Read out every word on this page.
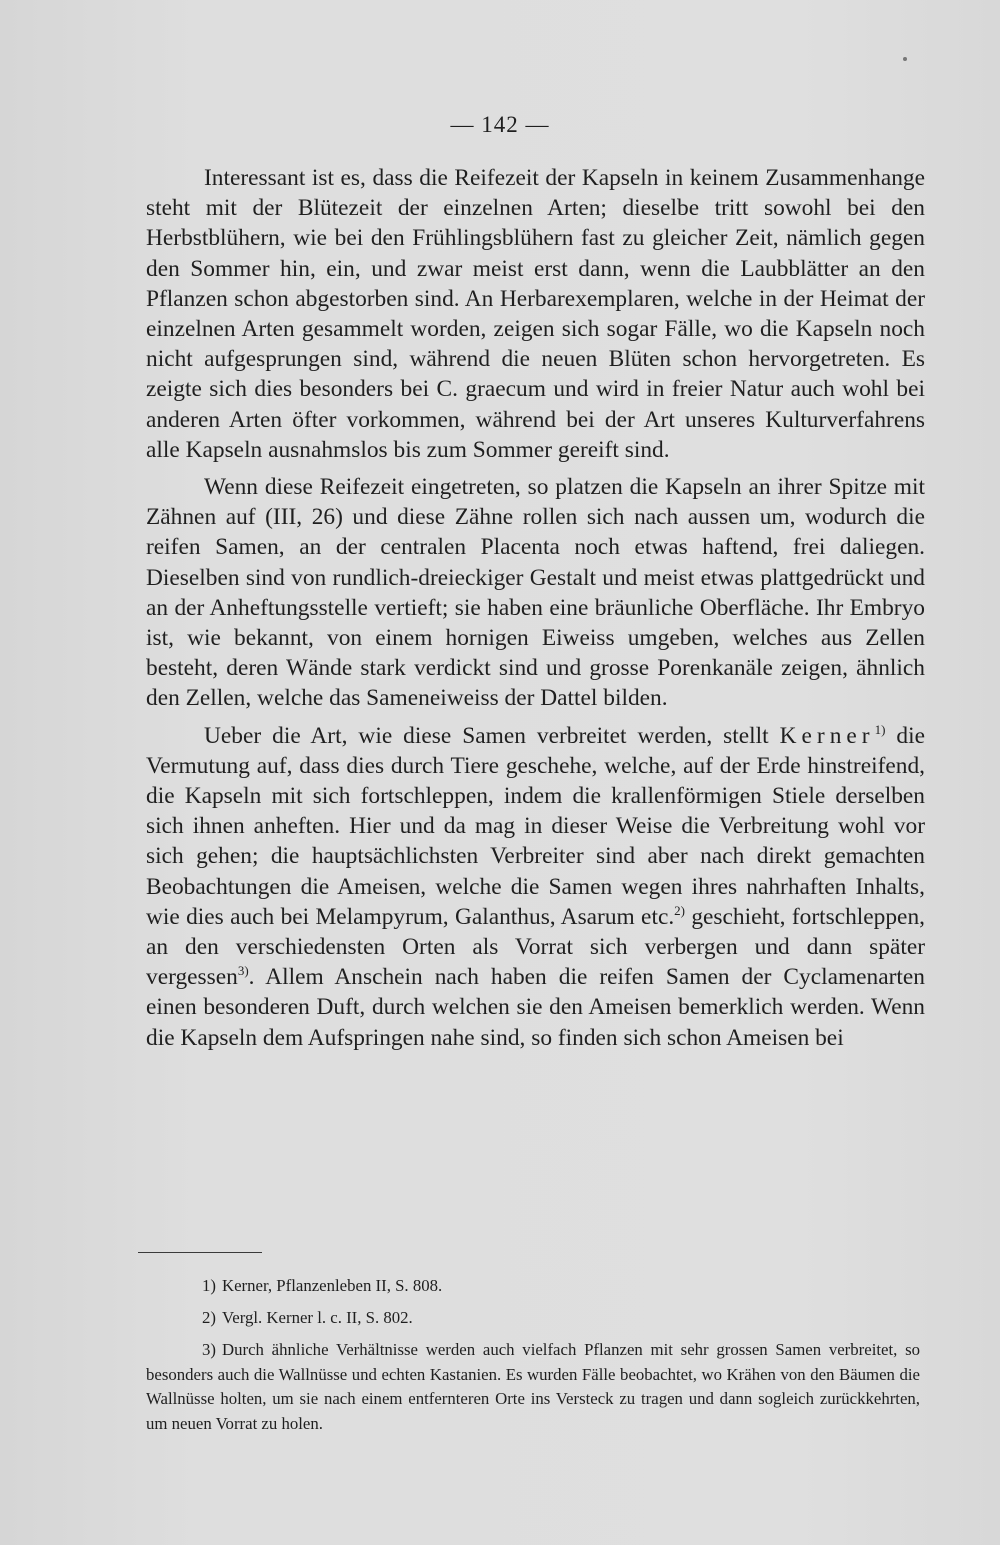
— 142 —

Interessant ist es, dass die Reifezeit der Kapseln in keinem Zusammenhange steht mit der Blütezeit der einzelnen Arten; dieselbe tritt sowohl bei den Herbstblühern, wie bei den Frühlingsblühern fast zu gleicher Zeit, nämlich gegen den Sommer hin, ein, und zwar meist erst dann, wenn die Laubblätter an den Pflanzen schon abgestorben sind. An Herbarexemplaren, welche in der Heimat der einzelnen Arten gesammelt worden, zeigen sich sogar Fälle, wo die Kapseln noch nicht aufgesprungen sind, während die neuen Blüten schon hervorgetreten. Es zeigte sich dies besonders bei C. graecum und wird in freier Natur auch wohl bei anderen Arten öfter vorkommen, während bei der Art unseres Kulturverfahrens alle Kapseln ausnahmslos bis zum Sommer gereift sind.

Wenn diese Reifezeit eingetreten, so platzen die Kapseln an ihrer Spitze mit Zähnen auf (III, 26) und diese Zähne rollen sich nach aussen um, wodurch die reifen Samen, an der centralen Placenta noch etwas haftend, frei daliegen. Dieselben sind von rundlich-dreieckiger Gestalt und meist etwas plattgedrückt und an der Anheftungsstelle vertieft; sie haben eine bräunliche Oberfläche. Ihr Embryo ist, wie bekannt, von einem hornigen Eiweiss umgeben, welches aus Zellen besteht, deren Wände stark verdickt sind und grosse Porenkanäle zeigen, ähnlich den Zellen, welche das Sameneiweiss der Dattel bilden.

Ueber die Art, wie diese Samen verbreitet werden, stellt Kerner$^{1)}$ die Vermutung auf, dass dies durch Tiere geschehe, welche, auf der Erde hinstreifend, die Kapseln mit sich fortschleppen, indem die krallenförmigen Stiele derselben sich ihnen anheften. Hier und da mag in dieser Weise die Verbreitung wohl vor sich gehen; die hauptsächlichsten Verbreiter sind aber nach direkt gemachten Beobachtungen die Ameisen, welche die Samen wegen ihres nahrhaften Inhalts, wie dies auch bei Melampyrum, Galanthus, Asarum etc.$^{2)}$ geschieht, fortschleppen, an den verschiedensten Orten als Vorrat sich verbergen und dann später vergessen$^{3)}$. Allem Anschein nach haben die reifen Samen der Cyclamenarten einen besonderen Duft, durch welchen sie den Ameisen bemerklich werden. Wenn die Kapseln dem Aufspringen nahe sind, so finden sich schon Ameisen bei

1) Kerner, Pflanzenleben II, S. 808.

2) Vergl. Kerner l. c. II, S. 802.

3) Durch ähnliche Verhältnisse werden auch vielfach Pflanzen mit sehr grossen Samen verbreitet, so besonders auch die Wallnüsse und echten Kastanien. Es wurden Fälle beobachtet, wo Krähen von den Bäumen die Wallnüsse holten, um sie nach einem entfernteren Orte ins Versteck zu tragen und dann sogleich zurückkehrten, um neuen Vorrat zu holen.
